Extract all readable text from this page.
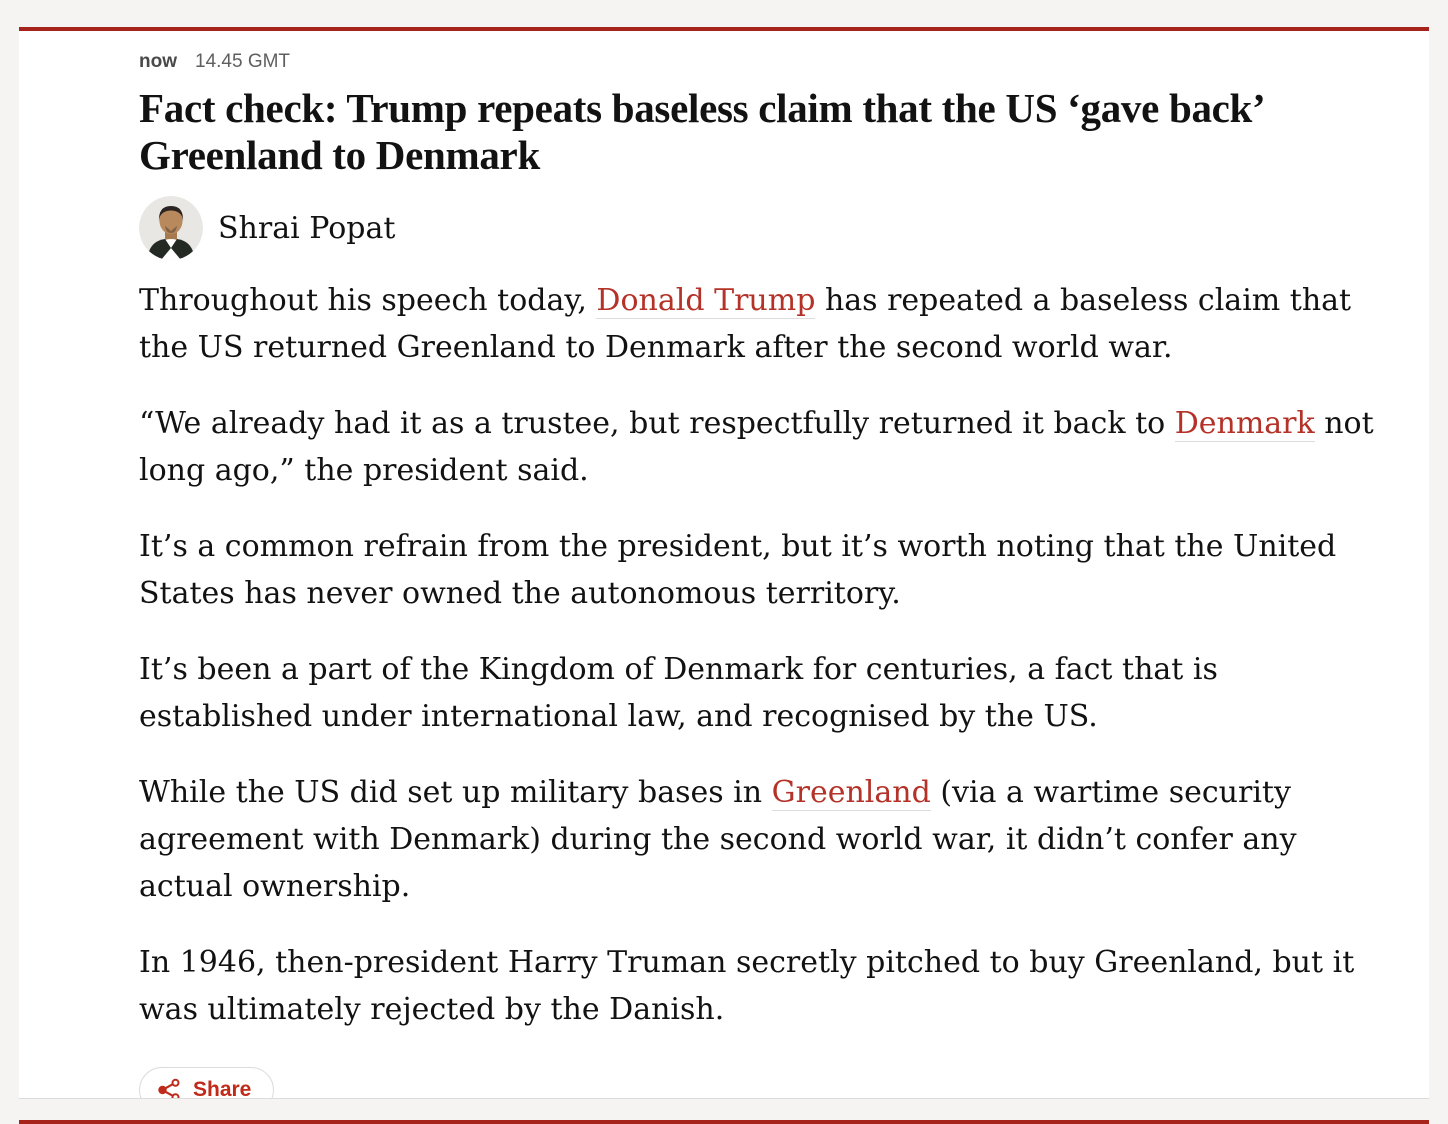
now 14.45 GMT
Fact check: Trump repeats baseless claim that the US ‘gave back’ Greenland to Denmark
Shrai Popat

Throughout his speech today, Donald Trump has repeated a baseless claim that the US returned Greenland to Denmark after the second world war.

“We already had it as a trustee, but respectfully returned it back to Denmark not long ago,” the president said.

It’s a common refrain from the president, but it’s worth noting that the United States has never owned the autonomous territory.

It’s been a part of the Kingdom of Denmark for centuries, a fact that is established under international law, and recognised by the US.

While the US did set up military bases in Greenland (via a wartime security agreement with Denmark) during the second world war, it didn’t confer any actual ownership.

In 1946, then-president Harry Truman secretly pitched to buy Greenland, but it was ultimately rejected by the Danish.

Share
